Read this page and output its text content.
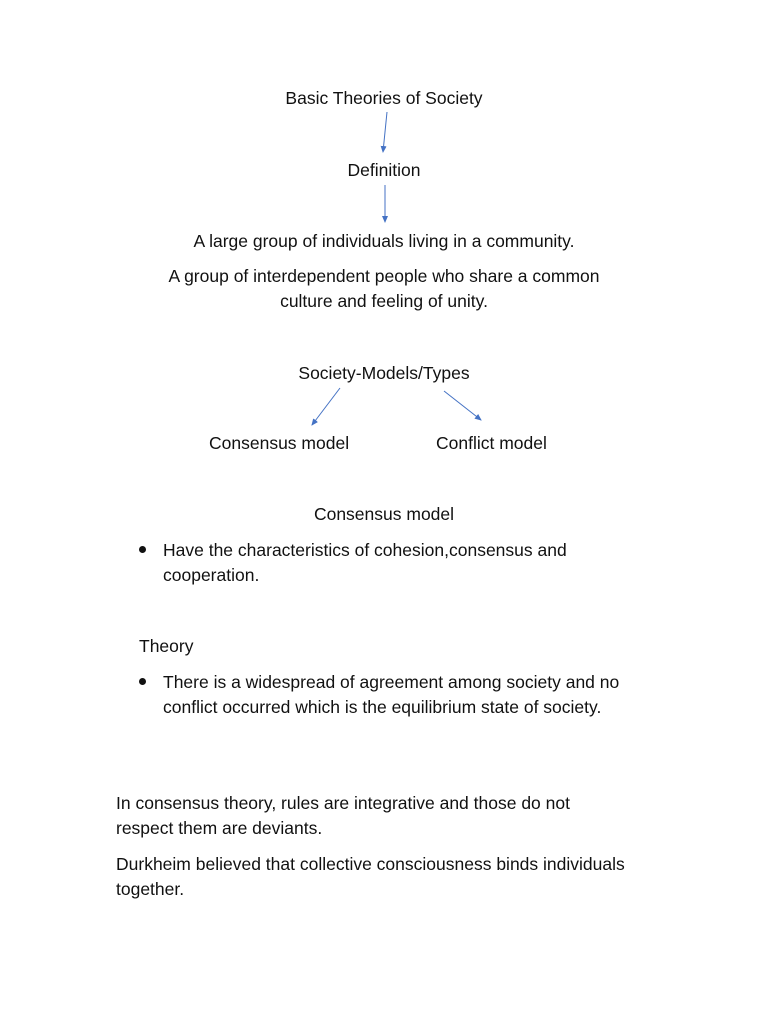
Basic Theories of Society
Definition
A large group of individuals living in a community.
A group of interdependent people who share a common culture and feeling of unity.
Society-Models/Types
Consensus model	Conflict model
Consensus model
Have the characteristics of cohesion,consensus and cooperation.
Theory
There is a widespread of agreement among society and no conflict occurred which is the equilibrium state of society.
In consensus theory, rules are integrative and those do not respect them are deviants.
Durkheim believed that collective consciousness binds individuals together.
